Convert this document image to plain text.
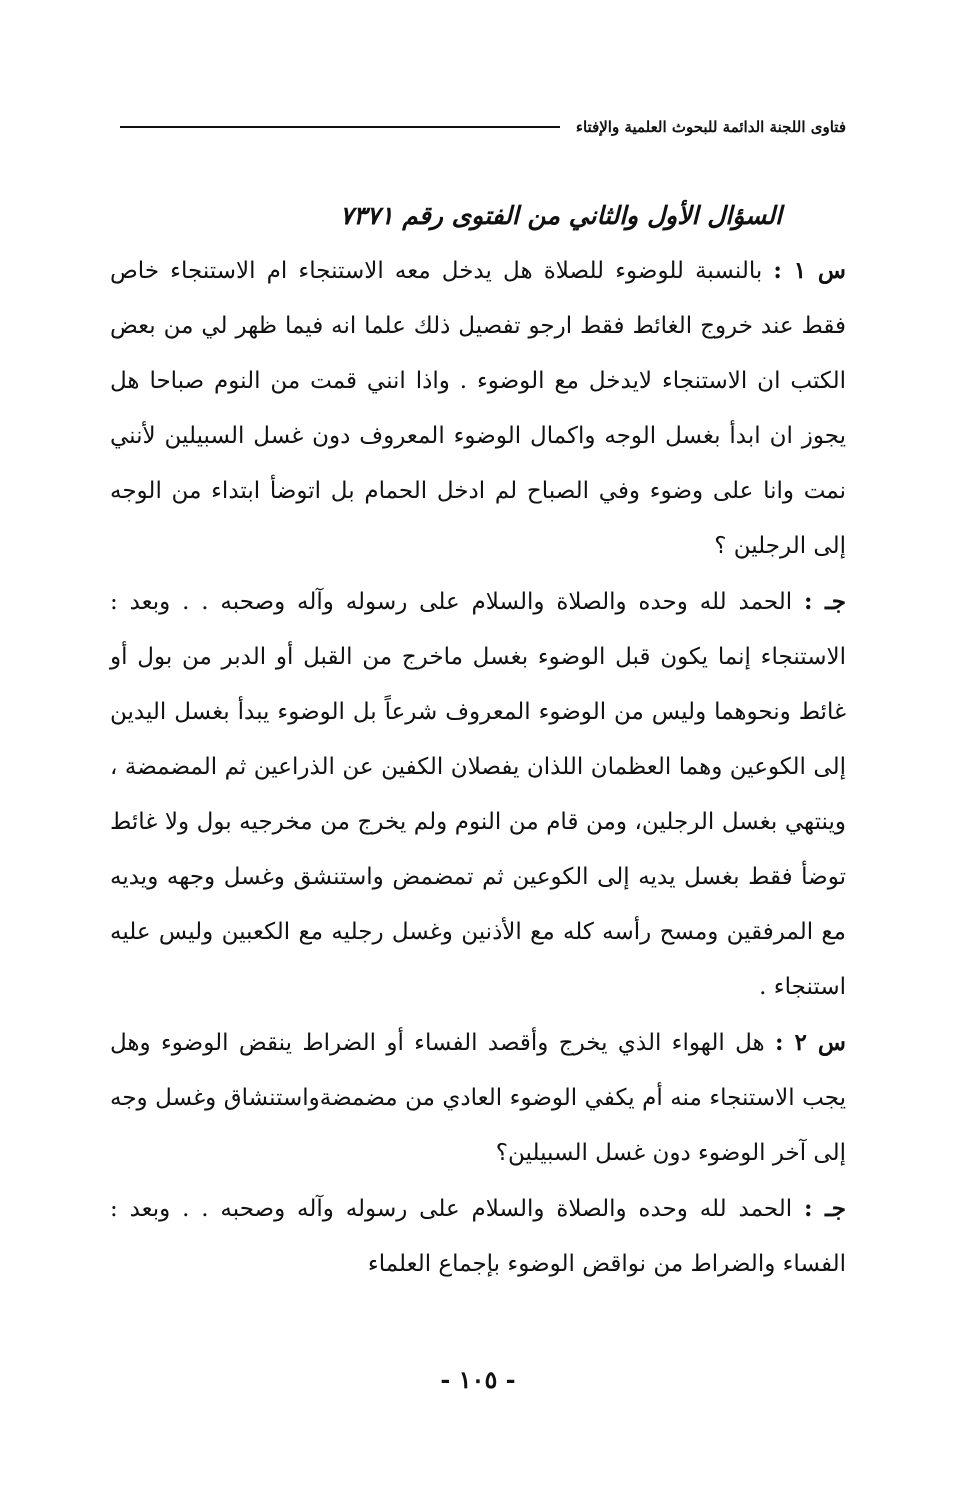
فتاوى اللجنة الدائمة للبحوث العلمية والإفتاء
السؤال الأول والثاني من الفتوى رقم ٧٣٧١

س ١ : بالنسبة للوضوء للصلاة هل يدخل معه الاستنجاء ام الاستنجاء خاص فقط عند خروج الغائط فقط ارجو تفصيل ذلك علما انه فيما ظهر لي من بعض الكتب ان الاستنجاء لايدخل مع الوضوء . واذا انني قمت من النوم صباحا هل يجوز ان ابدأ بغسل الوجه واكمال الوضوء المعروف دون غسل السبيلين لأنني نمت وانا على وضوء وفي الصباح لم ادخل الحمام بل اتوضأ ابتداء من الوجه إلى الرجلين ؟

جـ : الحمد لله وحده والصلاة والسلام على رسوله وآله وصحبه . . وبعد : الاستنجاء إنما يكون قبل الوضوء بغسل ماخرج من القبل أو الدبر من بول أو غائط ونحوهما وليس من الوضوء المعروف شرعاً بل الوضوء يبدأ بغسل اليدين إلى الكوعين وهما العظمان اللذان يفصلان الكفين عن الذراعين ثم المضمضة ، وينتهي بغسل الرجلين، ومن قام من النوم ولم يخرج من مخرجيه بول ولا غائط توضأ فقط بغسل يديه إلى الكوعين ثم تمضمض واستنشق وغسل وجهه ويديه مع المرفقين ومسح رأسه كله مع الأذنين وغسل رجليه مع الكعبين وليس عليه استنجاء .

س ٢ : هل الهواء الذي يخرج وأقصد الفساء أو الضراط ينقض الوضوء وهل يجب الاستنجاء منه أم يكفي الوضوء العادي من مضمضةواستنشاق وغسل وجه إلى آخر الوضوء دون غسل السبيلين؟

جـ : الحمد لله وحده والصلاة والسلام على رسوله وآله وصحبه . . وبعد : الفساء والضراط من نواقض الوضوء بإجماع العلماء

- ١٠٥ -
